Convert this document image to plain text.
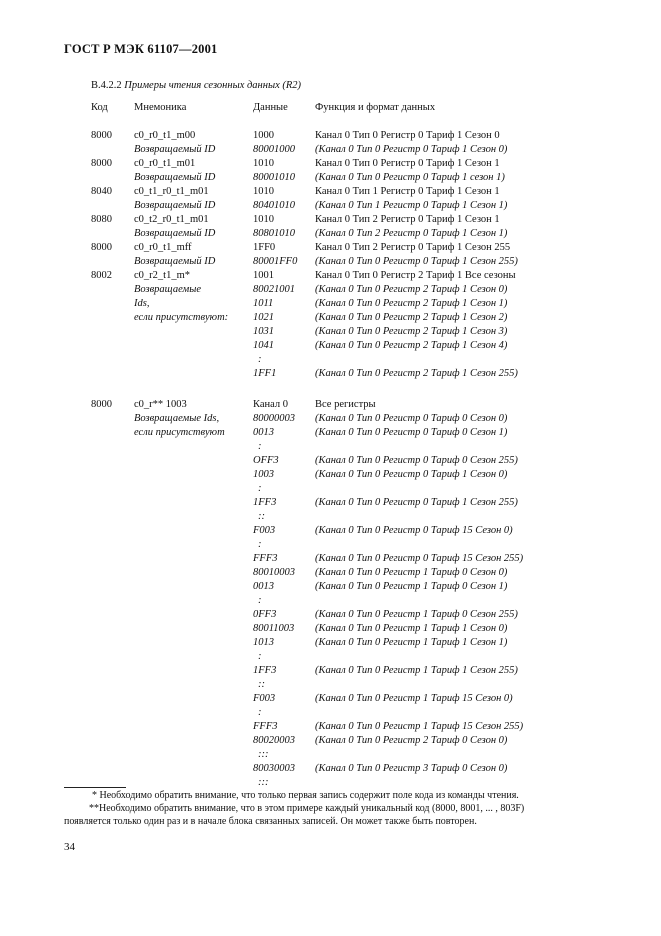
ГОСТ Р МЭК 61107—2001
B.4.2.2 Примеры чтения сезонных данных (R2)
Код Мнемоника	Данные	Функция и формат данных
8000 c0_r0_t1_m00	1000	Канал 0 Тип 0 Регистр 0 Тариф 1 Сезон 0
Возвращаемый ID	80001000 (Канал 0 Тип 0 Регистр 0 Тариф 1 Сезон 0)
8000 c0_r0_t1_m01	1010	Канал 0 Тип 0 Регистр 0 Тариф 1 Сезон 1
Возвращаемый ID	80001010 (Канал 0 Тип 0 Регистр 0 Тариф 1 сезон 1)
8040 c0_t1_r0_t1_m01	1010	Канал 0 Тип 1 Регистр 0 Тариф 1 Сезон 1
Возвращаемый ID	80401010 (Канал 0 Тип 1 Регистр 0 Тариф 1 Сезон 1)
8080 c0_t2_r0_t1_m01	1010	Канал 0 Тип 2 Регистр 0 Тариф 1 Сезон 1
Возвращаемый ID	80801010 (Канал 0 Тип 2 Регистр 0 Тариф 1 Сезон 1)
8000 c0_r0_t1_mff	1FF0	Канал 0 Тип 2 Регистр 0 Тариф 1 Сезон 255
Возвращаемый ID	80001FF0 (Канал 0 Тип 0 Регистр 0 Тариф 1 Сезон 255)
8002 c0_r2_t1_m*	1001	Канал 0 Тип 0 Регистр 2 Тариф 1 Все сезоны
Возвращаемые	80021001 (Канал 0 Тип 0 Регистр 2 Тариф 1 Сезон 0)
Ids,	1011	(Канал 0 Тип 0 Регистр 2 Тариф 1 Сезон 1)
если присутствуют: 1021	(Канал 0 Тип 0 Регистр 2 Тариф 1 Сезон 2)
1031	(Канал 0 Тип 0 Регистр 2 Тариф 1 Сезон 3)
1041	(Канал 0 Тип 0 Регистр 2 Тариф 1 Сезон 4)
:
1FF1	(Канал 0 Тип 0 Регистр 2 Тариф 1 Сезон 255)
8000 c0_r** 1003	Канал 0	Все регистры
Возвращаемые Ids,	80000003 (Канал 0 Тип 0 Регистр 0 Тариф 0 Сезон 0)
если присутствуют	0013	(Канал 0 Тип 0 Регистр 0 Тариф 0 Сезон 1)
:
OFF3	(Канал 0 Тип 0 Регистр 0 Тариф 0 Сезон 255)
1003	(Канал 0 Тип 0 Регистр 0 Тариф 1 Сезон 0)
:
1FF3	(Канал 0 Тип 0 Регистр 0 Тариф 1 Сезон 255)
::
F003	(Канал 0 Тип 0 Регистр 0 Тариф 15 Сезон 0)
:
FFF3	(Канал 0 Тип 0 Регистр 0 Тариф 15 Сезон 255)
80010003 (Канал 0 Тип 0 Регистр 1 Тариф 0 Сезон 0)
0013	(Канал 0 Тип 0 Регистр 1 Тариф 0 Сезон 1)
:
0FF3	(Канал 0 Тип 0 Регистр 1 Тариф 0 Сезон 255)
80011003 (Канал 0 Тип 0 Регистр 1 Тариф 1 Сезон 0)
1013	(Канал 0 Тип 0 Регистр 1 Тариф 1 Сезон 1)
:
1FF3	(Канал 0 Тип 0 Регистр 1 Тариф 1 Сезон 255)
::
F003	(Канал 0 Тип 0 Регистр 1 Тариф 15 Сезон 0)
:
FFF3	(Канал 0 Тип 0 Регистр 1 Тариф 15 Сезон 255)
80020003 (Канал 0 Тип 0 Регистр 2 Тариф 0 Сезон 0)
:::
80030003 (Канал 0 Тип 0 Регистр 3 Тариф 0 Сезон 0)
:::
* Необходимо обратить внимание, что только первая запись содержит поле кода из команды чтения.
**Необходимо обратить внимание, что в этом примере каждый уникальный код (8000, 8001, ... , 803F)
появляется только один раз и в начале блока связанных записей. Он может также быть повторен.
34
